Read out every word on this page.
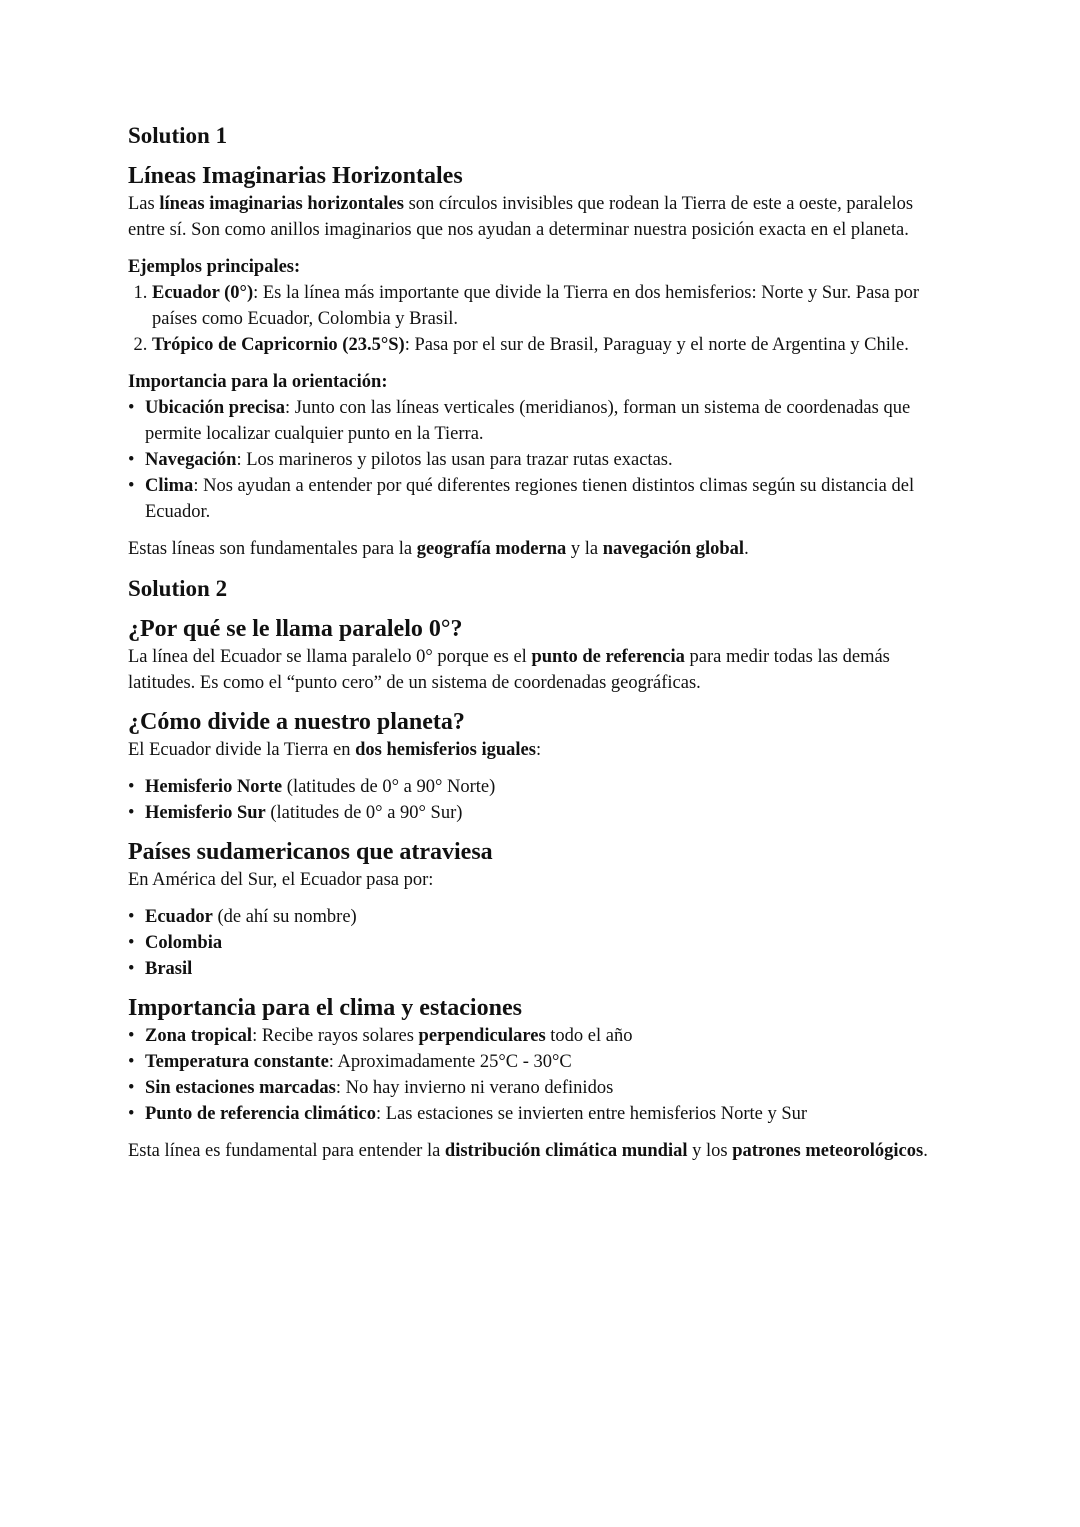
Solution 1
Líneas Imaginarias Horizontales

Las líneas imaginarias horizontales son círculos invisibles que rodean la Tierra de este a oeste, paralelos entre sí. Son como anillos imaginarios que nos ayudan a determinar nuestra posición exacta en el planeta.

Ejemplos principales:

1. Ecuador (0°): Es la línea más importante que divide la Tierra en dos hemisferios: Norte y Sur. Pasa por países como Ecuador, Colombia y Brasil.
2. Trópico de Capricornio (23.5°S): Pasa por el sur de Brasil, Paraguay y el norte de Argentina y Chile.

Importancia para la orientación:

• Ubicación precisa: Junto con las líneas verticales (meridianos), forman un sistema de coordenadas que permite localizar cualquier punto en la Tierra.
• Navegación: Los marineros y pilotos las usan para trazar rutas exactas.
• Clima: Nos ayudan a entender por qué diferentes regiones tienen distintos climas según su distancia del Ecuador.

Estas líneas son fundamentales para la geografía moderna y la navegación global.

Solution 2
¿Por qué se le llama paralelo 0°?

La línea del Ecuador se llama paralelo 0° porque es el punto de referencia para medir todas las demás latitudes. Es como el “punto cero” de un sistema de coordenadas geográficas.

¿Cómo divide a nuestro planeta?

El Ecuador divide la Tierra en dos hemisferios iguales:

• Hemisferio Norte (latitudes de 0° a 90° Norte)
• Hemisferio Sur (latitudes de 0° a 90° Sur)
Países sudamericanos que atraviesa

En América del Sur, el Ecuador pasa por:

• Ecuador (de ahí su nombre)
• Colombia
• Brasil
Importancia para el clima y estaciones
• Zona tropical: Recibe rayos solares perpendiculares todo el año
• Temperatura constante: Aproximadamente 25°C - 30°C
• Sin estaciones marcadas: No hay invierno ni verano definidos
• Punto de referencia climático: Las estaciones se invierten entre hemisferios Norte y Sur

Esta línea es fundamental para entender la distribución climática mundial y los patrones meteorológicos.
